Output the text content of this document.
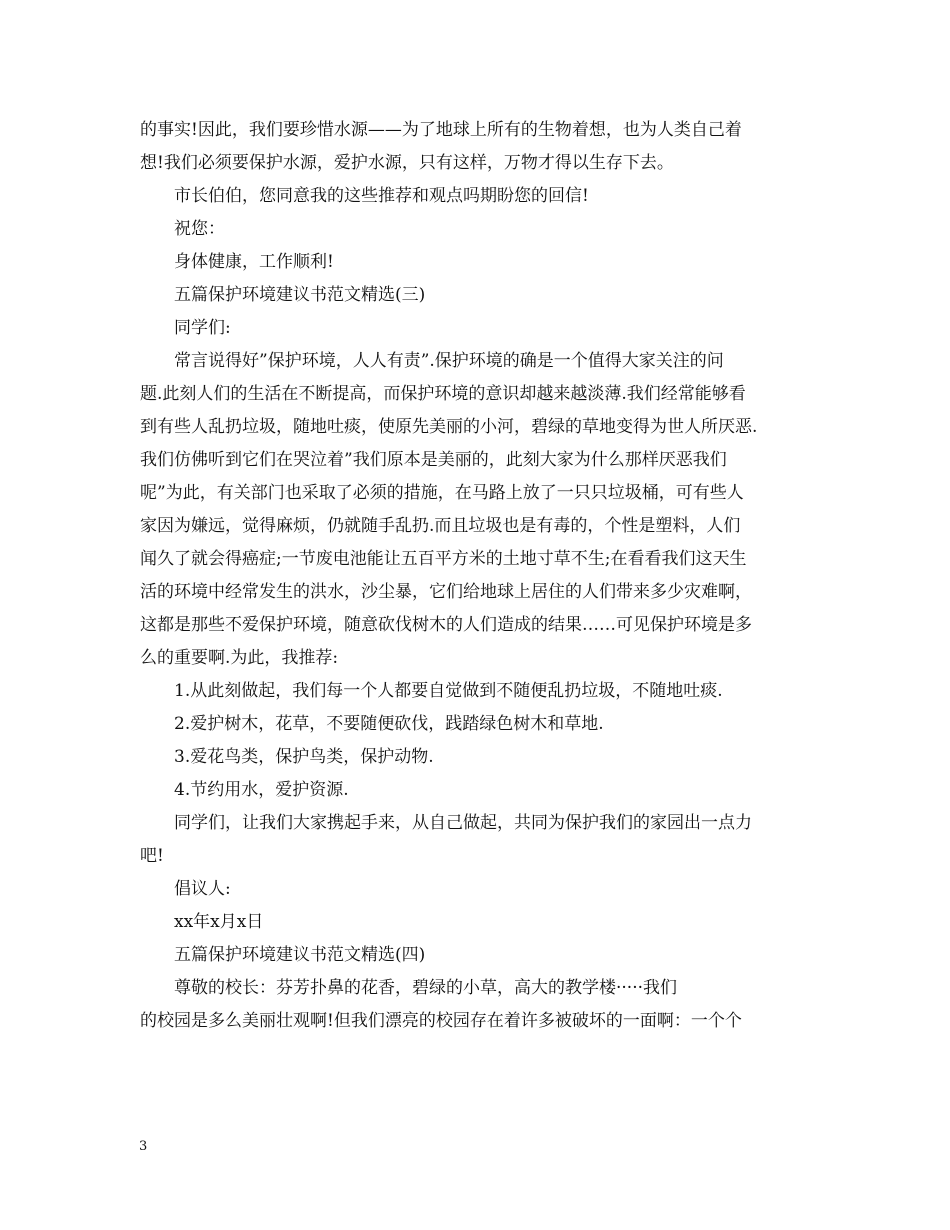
的事实!因此，我们要珍惜水源——为了地球上所有的生物着想，也为人类自己着
想!我们必须要保护水源，爱护水源，只有这样，万物才得以生存下去。
市长伯伯，您同意我的这些推荐和观点吗期盼您的回信!
祝您：
身体健康，工作顺利!
五篇保护环境建议书范文精选(三)
同学们:
常言说得好”保护环境，人人有责”.保护环境的确是一个值得大家关注的问
题.此刻人们的生活在不断提高，而保护环境的意识却越来越淡薄.我们经常能够看
到有些人乱扔垃圾，随地吐痰，使原先美丽的小河，碧绿的草地变得为世人所厌恶.
我们仿佛听到它们在哭泣着”我们原本是美丽的，此刻大家为什么那样厌恶我们
呢”为此，有关部门也采取了必须的措施，在马路上放了一只只垃圾桶，可有些人
家因为嫌远，觉得麻烦，仍就随手乱扔.而且垃圾也是有毒的，个性是塑料，人们
闻久了就会得癌症;一节废电池能让五百平方米的土地寸草不生;在看看我们这天生
活的环境中经常发生的洪水，沙尘暴，它们给地球上居住的人们带来多少灾难啊，
这都是那些不爱保护环境，随意砍伐树木的人们造成的结果……可见保护环境是多
么的重要啊.为此，我推荐:
1.从此刻做起，我们每一个人都要自觉做到不随便乱扔垃圾，不随地吐痰.
2.爱护树木，花草，不要随便砍伐，践踏绿色树木和草地.
3.爱花鸟类，保护鸟类，保护动物.
4.节约用水，爱护资源.
同学们，让我们大家携起手来，从自己做起，共同为保护我们的家园出一点力
吧!
倡议人:
xx年x月x日
五篇保护环境建议书范文精选(四)
尊敬的校长：芬芳扑鼻的花香，碧绿的小草，高大的教学楼·····我们
的校园是多么美丽壮观啊!但我们漂亮的校园存在着许多被破坏的一面啊：一个个
3
